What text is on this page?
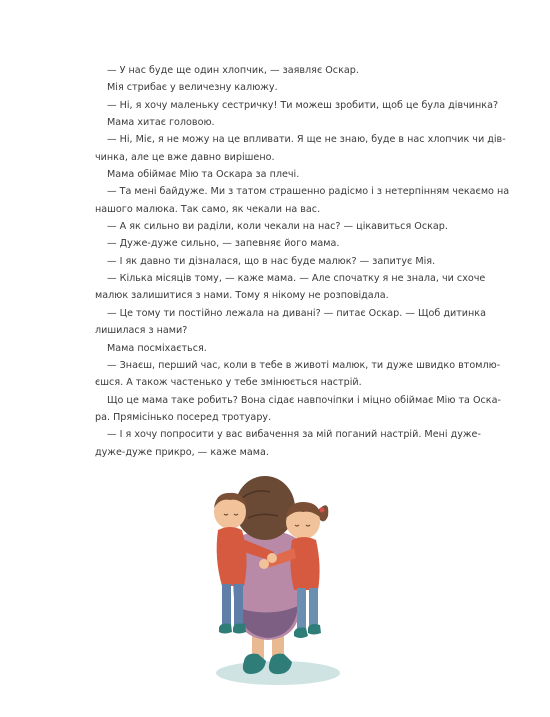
— У нас буде ще один хлопчик, — заявляє Оскар.
Мія стрибає у величезну калюжу.
— Ні, я хочу маленьку сестричку! Ти можеш зробити, щоб це була дівчинка?
Мама хитає головою.
— Ні, Міє, я не можу на це впливати. Я ще не знаю, буде в нас хлопчик чи дів-
чинка, але це вже давно вирішено.
Мама обіймає Мію та Оскара за плечі.
— Та мені байдуже. Ми з татом страшенно радісмо і з нетерпінням чекаємо на
нашого малюка. Так само, як чекали на вас.
— А як сильно ви раділи, коли чекали на нас? — цікавиться Оскар.
— Дуже-дуже сильно, — запевняє його мама.
— І як давно ти дізналася, що в нас буде малюк? — запитує Мія.
— Кілька місяців тому, — каже мама. — Але спочатку я не знала, чи схоче
малюк залишитися з нами. Тому я нікому не розповідала.
— Це тому ти постійно лежала на дивані? — питає Оскар. — Щоб дитинка
лишилася з нами?
Мама посміхається.
— Знаєш, перший час, коли в тебе в животі малюк, ти дуже швидко втомлю-
єшся. А також частенько у тебе змінюється настрій.
Що це мама таке робить? Вона сідає навпочіпки і міцно обіймає Мію та Оска-
ра. Прямісінько посеред тротуару.
— І я хочу попросити у вас вибачення за мій поганий настрій. Мені дуже-
дуже-дуже прикро, — каже мама.
